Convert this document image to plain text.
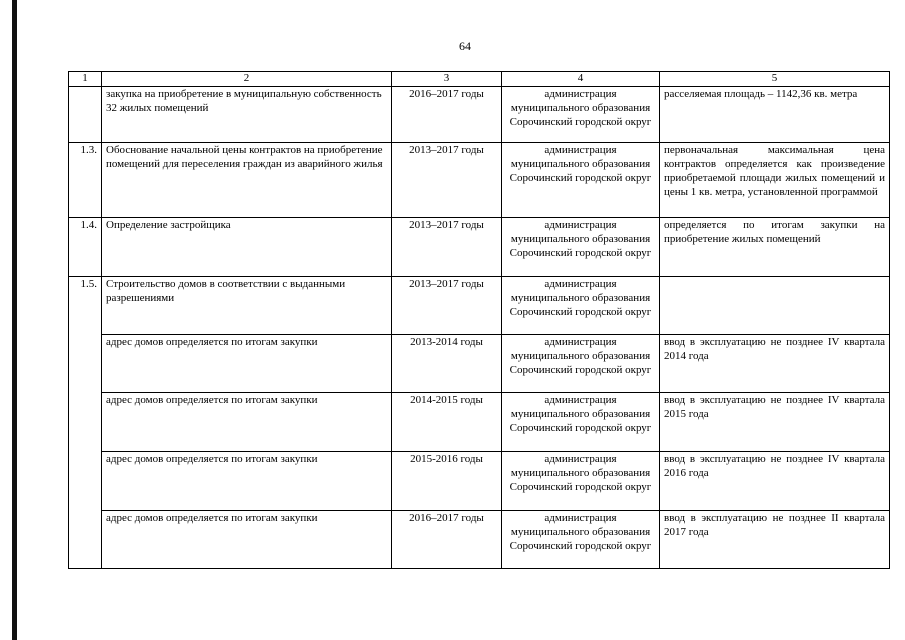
64
1	2	3	4	5
	закупка на приобретение в муниципальную собственность 32 жилых помещений	2016–2017 годы	администрация муниципального образования Сорочинский городской округ	расселяемая площадь – 1142,36 кв. метра
1.3.	Обоснование начальной цены контрактов на приобретение помещений для переселения граждан из аварийного жилья	2013–2017 годы	администрация муниципального образования Сорочинский городской округ	первоначальная максимальная цена контрактов определяется как произведение приобретаемой площади жилых помещений и цены 1 кв. метра, установленной программой
1.4.	Определение застройщика	2013–2017 годы	администрация муниципального образования Сорочинский городской округ	определяется по итогам закупки на приобретение жилых помещений
1.5.	Строительство домов в соответствии с выданными разрешениями	2013–2017 годы	администрация муниципального образования Сорочинский городской округ	
	адрес домов определяется по итогам закупки	2013-2014 годы	администрация муниципального образования Сорочинский городской округ	ввод в эксплуатацию не позднее IV квартала 2014 года
	адрес домов определяется по итогам закупки	2014-2015 годы	администрация муниципального образования Сорочинский городской округ	ввод в эксплуатацию не позднее IV квартала 2015 года
	адрес домов определяется по итогам закупки	2015-2016 годы	администрация муниципального образования Сорочинский городской округ	ввод в эксплуатацию не позднее IV квартала 2016 года
	адрес домов определяется по итогам закупки	2016–2017 годы	администрация муниципального образования Сорочинский городской округ	ввод в эксплуатацию не позднее II квартала 2017 года
